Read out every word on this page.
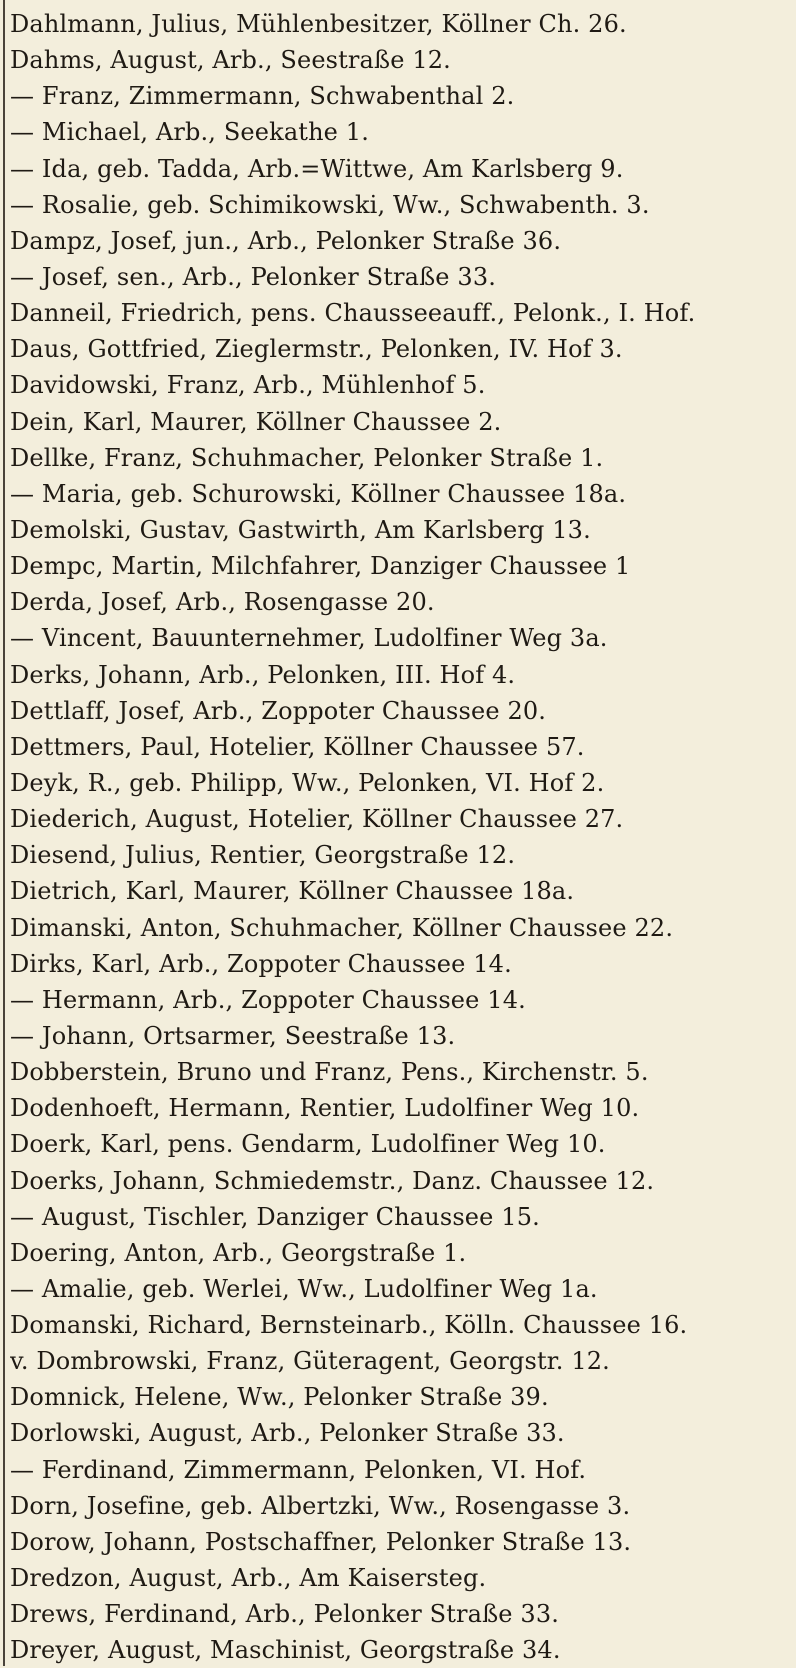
Dahlmann, Julius, Mühlenbesitzer, Köllner Ch. 26.
Dahms, August, Arb., Seestraße 12.
— Franz, Zimmermann, Schwabenthal 2.
— Michael, Arb., Seekathe 1.
— Ida, geb. Tadda, Arb.=Wittwe, Am Karlsberg 9.
— Rosalie, geb. Schimikowski, Ww., Schwabenth. 3.
Dampz, Josef, jun., Arb., Pelonker Straße 36.
— Josef, sen., Arb., Pelonker Straße 33.
Danneil, Friedrich, pens. Chausseeauff., Pelonk., I. Hof.
Daus, Gottfried, Zieglermstr., Pelonken, IV. Hof 3.
Davidowski, Franz, Arb., Mühlenhof 5.
Dein, Karl, Maurer, Köllner Chaussee 2.
Dellke, Franz, Schuhmacher, Pelonker Straße 1.
— Maria, geb. Schurowski, Köllner Chaussee 18a.
Demolski, Gustav, Gastwirth, Am Karlsberg 13.
Dempc, Martin, Milchfahrer, Danziger Chaussee 1
Derda, Josef, Arb., Rosengasse 20.
— Vincent, Bauunternehmer, Ludolfiner Weg 3a.
Derks, Johann, Arb., Pelonken, III. Hof 4.
Dettlaff, Josef, Arb., Zoppoter Chaussee 20.
Dettmers, Paul, Hotelier, Köllner Chaussee 57.
Deyk, R., geb. Philipp, Ww., Pelonken, VI. Hof 2.
Diederich, August, Hotelier, Köllner Chaussee 27.
Diesend, Julius, Rentier, Georgstraße 12.
Dietrich, Karl, Maurer, Köllner Chaussee 18a.
Dimanski, Anton, Schuhmacher, Köllner Chaussee 22.
Dirks, Karl, Arb., Zoppoter Chaussee 14.
— Hermann, Arb., Zoppoter Chaussee 14.
— Johann, Ortsarmer, Seestraße 13.
Dobberstein, Bruno und Franz, Pens., Kirchenstr. 5.
Dodenhoeft, Hermann, Rentier, Ludolfiner Weg 10.
Doerk, Karl, pens. Gendarm, Ludolfiner Weg 10.
Doerks, Johann, Schmiedemstr., Danz. Chaussee 12.
— August, Tischler, Danziger Chaussee 15.
Doering, Anton, Arb., Georgstraße 1.
— Amalie, geb. Werlei, Ww., Ludolfiner Weg 1a.
Domanski, Richard, Bernsteinarb., Kölln. Chaussee 16.
v. Dombrowski, Franz, Güteragent, Georgstr. 12.
Domnick, Helene, Ww., Pelonker Straße 39.
Dorlowski, August, Arb., Pelonker Straße 33.
— Ferdinand, Zimmermann, Pelonken, VI. Hof.
Dorn, Josefine, geb. Albertzki, Ww., Rosengasse 3.
Dorow, Johann, Postschaffner, Pelonker Straße 13.
Dredzon, August, Arb., Am Kaisersteg.
Drews, Ferdinand, Arb., Pelonker Straße 33.
Dreyer, August, Maschinist, Georgstraße 34.
